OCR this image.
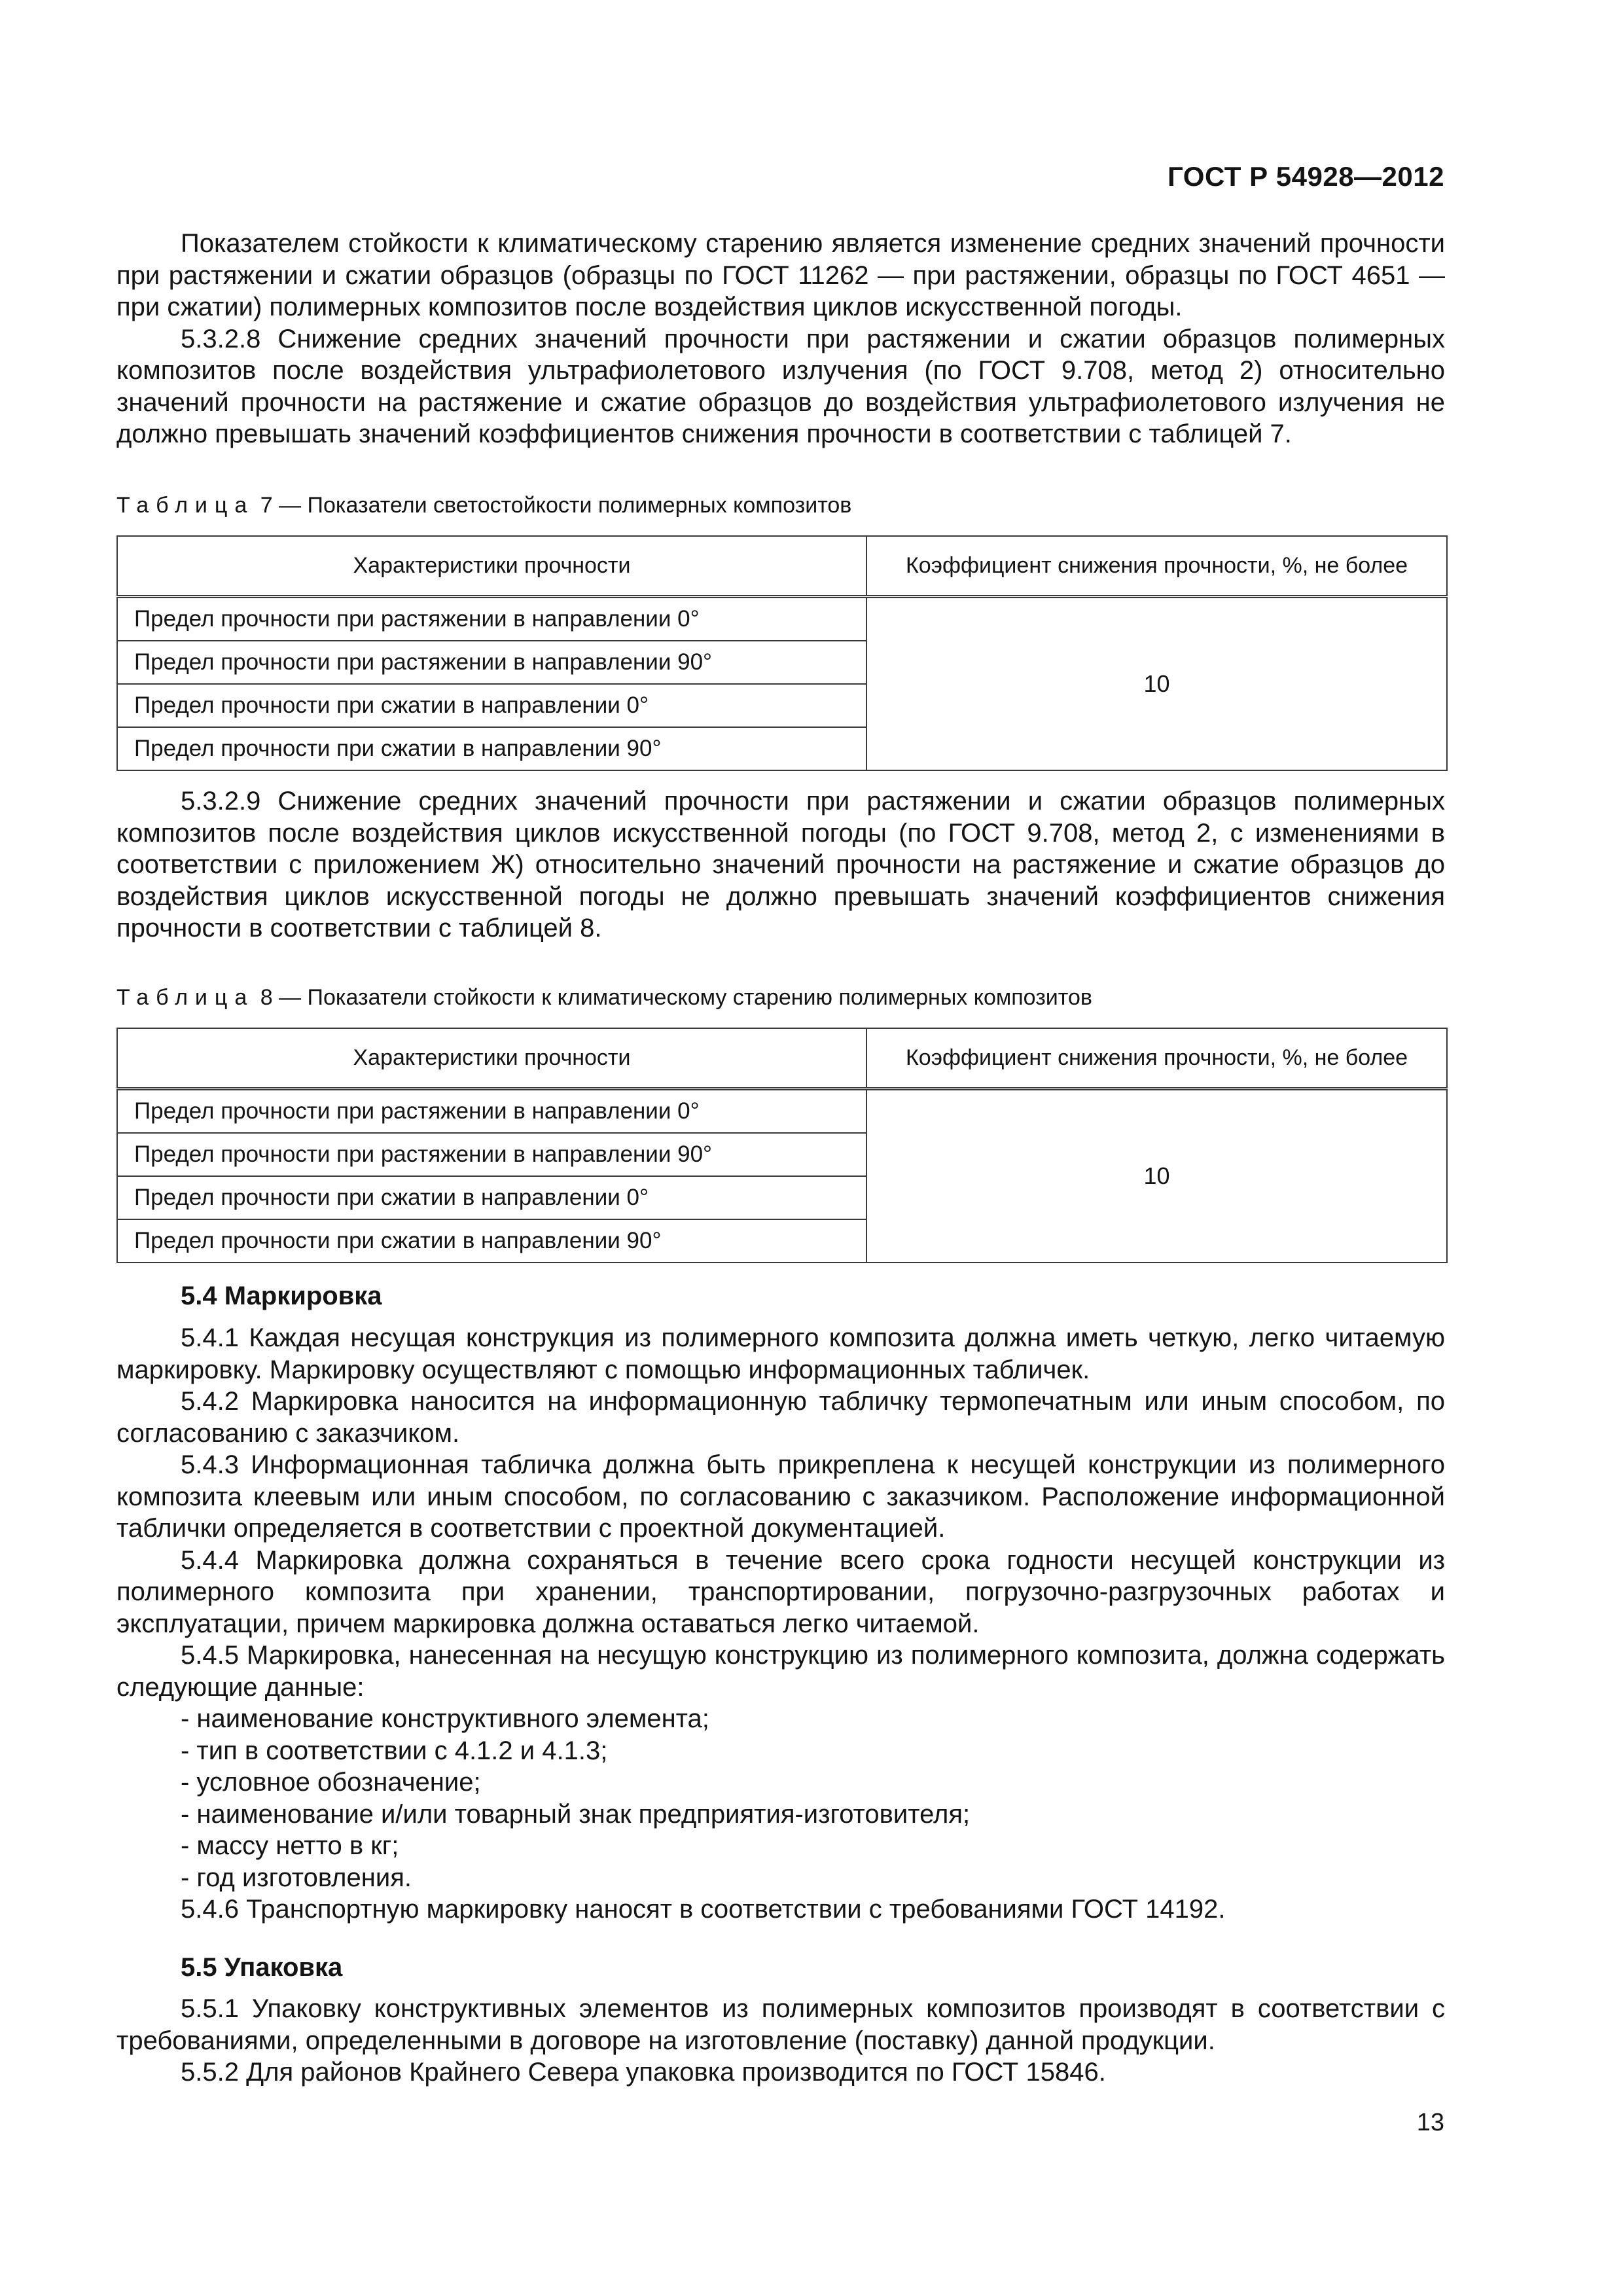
ГОСТ Р 54928—2012

Показателем стойкости к климатическому старению является изменение средних значений прочности при растяжении и сжатии образцов (образцы по ГОСТ 11262 — при растяжении, образцы по ГОСТ 4651 — при сжатии) полимерных композитов после воздействия циклов искусственной погоды.

5.3.2.8 Снижение средних значений прочности при растяжении и сжатии образцов полимерных композитов после воздействия ультрафиолетового излучения (по ГОСТ 9.708, метод 2) относительно значений прочности на растяжение и сжатие образцов до воздействия ультрафиолетового излучения не должно превышать значений коэффициентов снижения прочности в соответствии с таблицей 7.

Таблица 7 — Показатели светостойкости полимерных композитов
Характеристики прочности	Коэффициент снижения прочности, %, не более
Предел прочности при растяжении в направлении 0°	10
Предел прочности при растяжении в направлении 90°	
Предел прочности при сжатии в направлении 0°	
Предел прочности при сжатии в направлении 90°	

5.3.2.9 Снижение средних значений прочности при растяжении и сжатии образцов полимерных композитов после воздействия циклов искусственной погоды (по ГОСТ 9.708, метод 2, с изменениями в соответствии с приложением Ж) относительно значений прочности на растяжение и сжатие образцов до воздействия циклов искусственной погоды не должно превышать значений коэффициентов снижения прочности в соответствии с таблицей 8.

Таблица 8 — Показатели стойкости к климатическому старению полимерных композитов
Характеристики прочности	Коэффициент снижения прочности, %, не более
Предел прочности при растяжении в направлении 0°	10
Предел прочности при растяжении в направлении 90°	
Предел прочности при сжатии в направлении 0°	
Предел прочности при сжатии в направлении 90°	
5.4 Маркировка

5.4.1 Каждая несущая конструкция из полимерного композита должна иметь четкую, легко читаемую маркировку. Маркировку осуществляют с помощью информационных табличек.

5.4.2 Маркировка наносится на информационную табличку термопечатным или иным способом, по согласованию с заказчиком.

5.4.3 Информационная табличка должна быть прикреплена к несущей конструкции из полимерного композита клеевым или иным способом, по согласованию с заказчиком. Расположение информационной таблички определяется в соответствии с проектной документацией.

5.4.4 Маркировка должна сохраняться в течение всего срока годности несущей конструкции из полимерного композита при хранении, транспортировании, погрузочно-разгрузочных работах и эксплуатации, причем маркировка должна оставаться легко читаемой.

5.4.5 Маркировка, нанесенная на несущую конструкцию из полимерного композита, должна содержать следующие данные:

- наименование конструктивного элемента;

- тип в соответствии с 4.1.2 и 4.1.3;

- условное обозначение;

- наименование и/или товарный знак предприятия-изготовителя;

- массу нетто в кг;

- год изготовления.

5.4.6 Транспортную маркировку наносят в соответствии с требованиями ГОСТ 14192.

5.5 Упаковка

5.5.1 Упаковку конструктивных элементов из полимерных композитов производят в соответствии с требованиями, определенными в договоре на изготовление (поставку) данной продукции.

5.5.2 Для районов Крайнего Севера упаковка производится по ГОСТ 15846.

13
